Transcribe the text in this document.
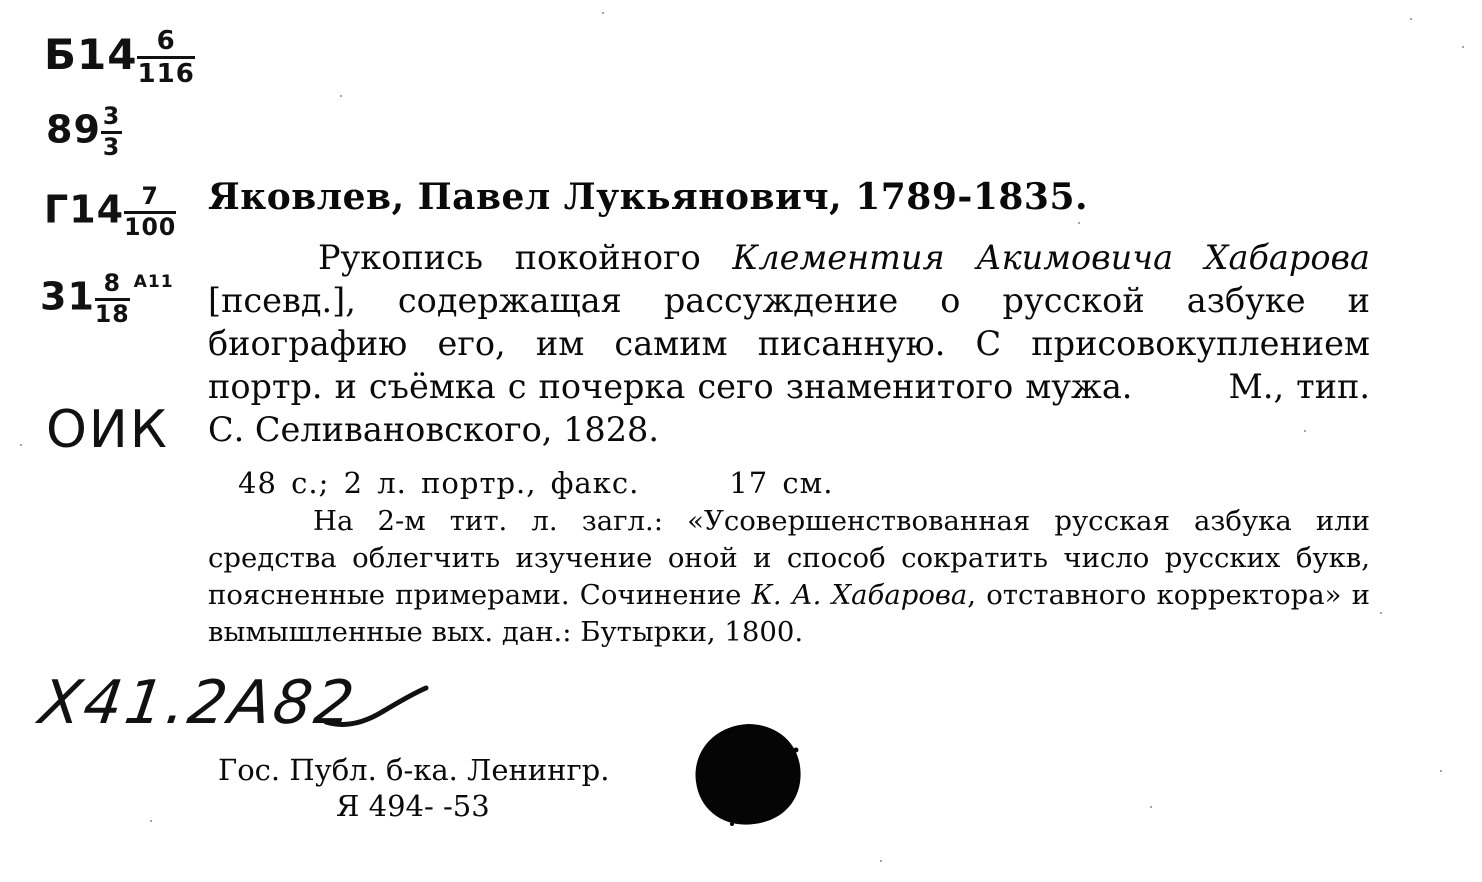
$Б14 \frac{6}{116}$
$89 \frac{3}{3}$
$Г14 \frac{7}{100}$
$31 \frac{8}{18} ^{A11}$
ОИК
Яковлев, Павел Лукьянович, 1789-1835.
Рукопись покойного Клементия Акимовича Хабарова [псевд.], содержащая рассуждение о русской азбуке и биографию его, им самим писанную. С присовокуплением портр. и съёмка с почерка сего знаменитого мужа.	М., тип. С. Селивановского, 1828.
48 с.; 2 л. портр., факс.	17 см.
На 2-м тит. л. загл.: «Усовершенствованная русская азбука или средства облегчить изучение оной и способ сократить число русских букв, поясненные примерами. Сочинение К. А. Хабарова, отставного корректора» и вымышленные вых. дан.: Бутырки, 1800.
Х41.2А82
Гос. Публ. б-ка. Ленингр.
Я 494- -53
